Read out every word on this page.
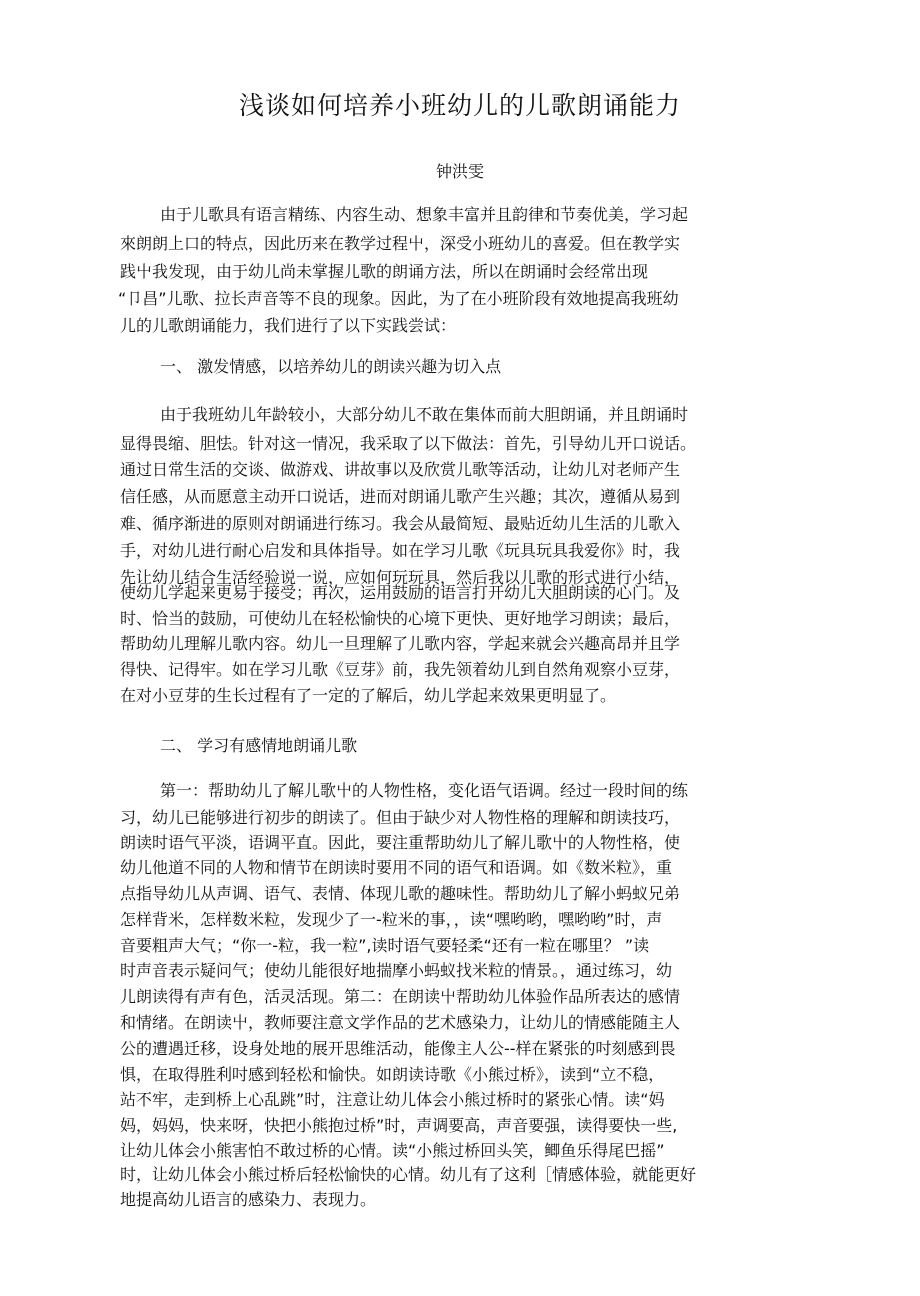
浅谈如何培养小班幼儿的儿歌朗诵能力

钟洪雯

由于儿歌具有语言精练、内容生动、想象丰富并且韵律和节奏优美，学习起

來朗朗上口的特点，因此历来在教学过程屮，深受小班幼儿的喜爱。但在教学实

践屮我发现，由于幼儿尚未掌握儿歌的朗诵方法，所以在朗诵时会经常出现

“卩昌”儿歌、拉长声音等不良的现象。因此，为了在小班阶段有效地提高我班幼

儿的儿歌朗诵能力，我们进行了以下实践尝试：

一、 激发情感，以培养幼儿的朗读兴趣为切入点

由于我班幼儿年龄较小，大部分幼儿不敢在集体而前大胆朗诵，并且朗诵时

显得畏缩、胆怯。针对这一情况，我采取了以下做法：首先，引导幼儿开口说话。

通过日常生活的交谈、做游戏、讲故事以及欣赏儿歌等活动，让幼儿对老师产生

信任感，从而愿意主动开口说话，进而对朗诵儿歌产生兴趣；其次，遵循从易到

难、循序渐进的原则对朗诵进行练习。我会从最简短、最贴近幼儿生活的儿歌入

手，对幼儿进行耐心启发和具体指导。如在学习儿歌《玩具玩具我爱你》时，我

先让幼儿结合生活经验说一说，应如何玩玩具，然后我以儿歌的形式进行小结，

使幼儿学起来更易于接受；再次，运用鼓励的语言打开幼儿大胆朗读的心门。及

时、恰当的鼓励，可使幼儿在轻松愉快的心境下更快、更好地学习朗读；最后，

帮助幼儿理解儿歌内容。幼儿一旦理解了儿歌内容，学起来就会兴趣高昂并且学

得快、记得牢。如在学习儿歌《豆芽》前，我先领着幼儿到自然角观察小豆芽，

在对小豆芽的生长过程有了一定的了解后，幼儿学起来效果更明显了。

二、 学习有感情地朗诵儿歌

第一：帮助幼儿了解儿歌屮的人物性格，变化语气语调。经过一段时间的练

习，幼儿已能够进行初步的朗读了。但由于缺少对人物性格的理解和朗读技巧，

朗读时语气平淡，语调平直。因此，要注重帮助幼儿了解儿歌屮的人物性格，使

幼儿他道不同的人物和情节在朗读时要用不同的语气和语调。如《数米粒》，重

点指导幼儿从声调、语气、表情、体现儿歌的趣味性。帮助幼儿了解小蚂蚁兄弟

怎样背米，怎样数米粒，发现少了一-粒米的事，，读“嘿哟哟，嘿哟哟”时，声

音要粗声大气；“你一-粒，我一粒”,读时语气要轻柔“还有一粒在哪里？ ”读

时声音表示疑问气；使幼儿能很好地揣摩小蚂蚁找米粒的情景。，通过练习，幼

儿朗读得有声有色，活灵活现。第二：在朗读屮帮助幼儿体验作品所表达的感情

和情绪。在朗读屮，教师要注意文学作品的艺术感染力，让幼儿的情感能随主人

公的遭遇迁移，设身处地的展开思维活动，能像主人公--样在紧张的吋刻感到畏

惧，在取得胜利吋感到轻松和愉快。如朗读诗歌《小熊过桥》，读到“立不稳，

站不牢，走到桥上心乱跳”时，注意让幼儿体会小熊过桥时的紧张心情。读“妈

妈，妈妈，快来呀，快把小熊抱过桥”时，声调要高，声音要强，读得要快一些,

让幼儿体会小熊害怕不敢过桥的心情。读“小熊过桥回头笑，鲫鱼乐得尾巴摇”

时，让幼儿体会小熊过桥后轻松愉快的心情。幼儿有了这利［情感体验，就能更好

地提高幼儿语言的感染力、表现力。
